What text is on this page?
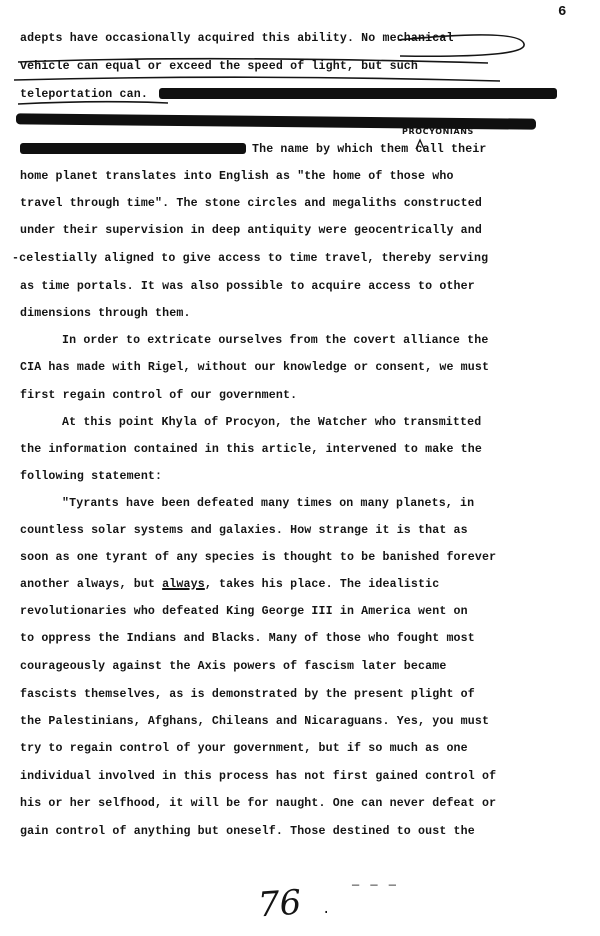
6
adepts have occasionally acquired this ability. No mechanical
vehicle can equal or exceed the speed of light, but such
teleportation can.
PROCYONIANS
The name by which them call their
home planet translates into English as "the home of those who
travel through time". The stone circles and megaliths constructed
under their supervision in deep antiquity were geocentrically and
-celestially aligned to give access to time travel, thereby serving
as time portals. It was also possible to acquire access to other
dimensions through them.
In order to extricate ourselves from the covert alliance the
CIA has made with Rigel, without our knowledge or consent, we must
first regain control of our government.
At this point Khyla of Procyon, the Watcher who transmitted
the information contained in this article, intervened to make the
following statement:
"Tyrants have been defeated many times on many planets, in
countless solar systems and galaxies. How strange it is that as
soon as one tyrant of any species is thought to be banished forever
another always, but always, takes his place. The idealistic
revolutionaries who defeated King George III in America went on
to oppress the Indians and Blacks. Many of those who fought most
courageously against the Axis powers of fascism later became
fascists themselves, as is demonstrated by the present plight of
the Palestinians, Afghans, Chileans and Nicaraguans. Yes, you must
try to regain control of your government, but if so much as one
individual involved in this process has not first gained control of
his or her selfhood, it will be for naught. One can never defeat or
gain control of anything but oneself. Those destined to oust the
— — —
76 .
